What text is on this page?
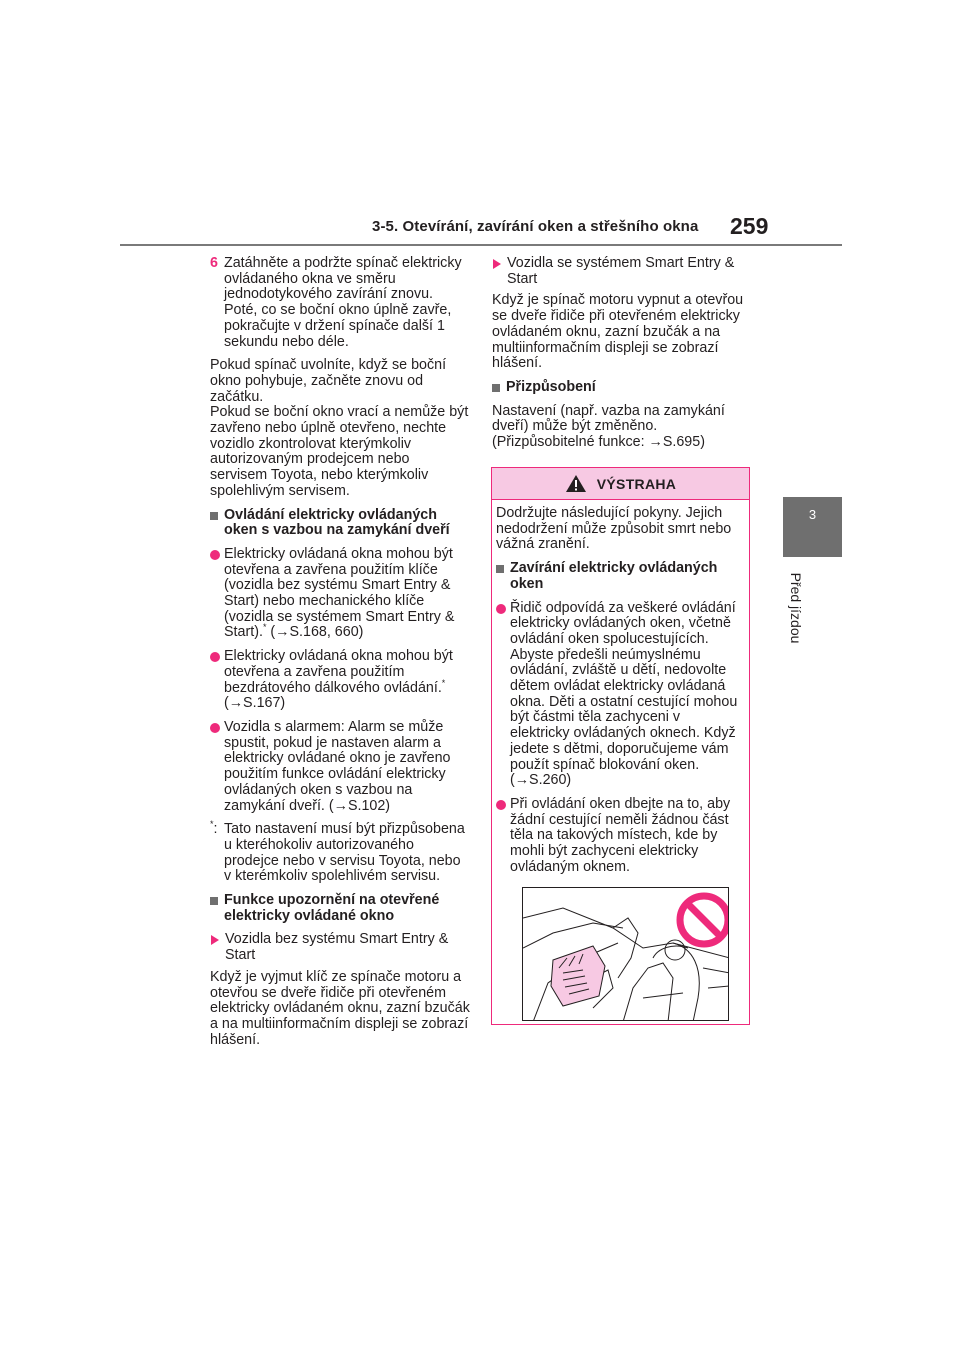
3-5. Otevírání, zavírání oken a střešního okna 259
3
Před jízdou
6 Zatáhněte a podržte spínač elektricky ovládaného okna ve směru jednodotykového zavírání znovu. Poté, co se boční okno úplně zavře, pokračujte v držení spínače další 1 sekundu nebo déle.
Pokud spínač uvolníte, když se boční okno pohybuje, začněte znovu od začátku.
Pokud se boční okno vrací a nemůže být zavřeno nebo úplně otevřeno, nechte vozidlo zkontrolovat kterýmkoliv autorizovaným prodejcem nebo servisem Toyota, nebo kterýmkoliv spolehlivým servisem.
Ovládání elektricky ovládaných oken s vazbou na zamykání dveří
Elektricky ovládaná okna mohou být otevřena a zavřena použitím klíče (vozidla bez systému Smart Entry & Start) nebo mechanického klíče (vozidla se systémem Smart Entry & Start).* (→S.168, 660)
Elektricky ovládaná okna mohou být otevřena a zavřena použitím bezdrátového dálkového ovládání.*
(→S.167)
Vozidla s alarmem: Alarm se může spustit, pokud je nastaven alarm a elektricky ovládané okno je zavřeno použitím funkce ovládání elektricky ovládaných oken s vazbou na zamykání dveří. (→S.102)
*: Tato nastavení musí být přizpůsobena u kteréhokoliv autorizovaného prodejce nebo v servisu Toyota, nebo v kterémkoliv spolehlivém servisu.
Funkce upozornění na otevřené elektricky ovládané okno
Vozidla bez systému Smart Entry & Start
Když je vyjmut klíč ze spínače motoru a otevřou se dveře řidiče při otevřeném elektricky ovládaném oknu, zazní bzučák a na multiinformačním displeji se zobrazí hlášení.
Vozidla se systémem Smart Entry & Start
Když je spínač motoru vypnut a otevřou se dveře řidiče při otevřeném elektricky ovládaném oknu, zazní bzučák a na multiinformačním displeji se zobrazí hlášení.
Přizpůsobení
Nastavení (např. vazba na zamykání dveří) může být změněno.
(Přizpůsobitelné funkce: →S.695)
VÝSTRAHA
Dodržujte následující pokyny. Jejich nedodržení může způsobit smrt nebo vážná zranění.
Zavírání elektricky ovládaných oken
Řidič odpovídá za veškeré ovládání elektricky ovládaných oken, včetně ovládání oken spolucestujících. Abyste předešli neúmyslnému ovládání, zvláště u dětí, nedovolte dětem ovládat elektricky ovládaná okna. Děti a ostatní cestující mohou být částmi těla zachyceni v elektricky ovládaných oknech. Když jedete s dětmi, doporučujeme vám použít spínač blokování oken. (→S.260)
Při ovládání oken dbejte na to, aby žádní cestující neměli žádnou část těla na takových místech, kde by mohli být zachyceni elektricky ovládaným oknem.
